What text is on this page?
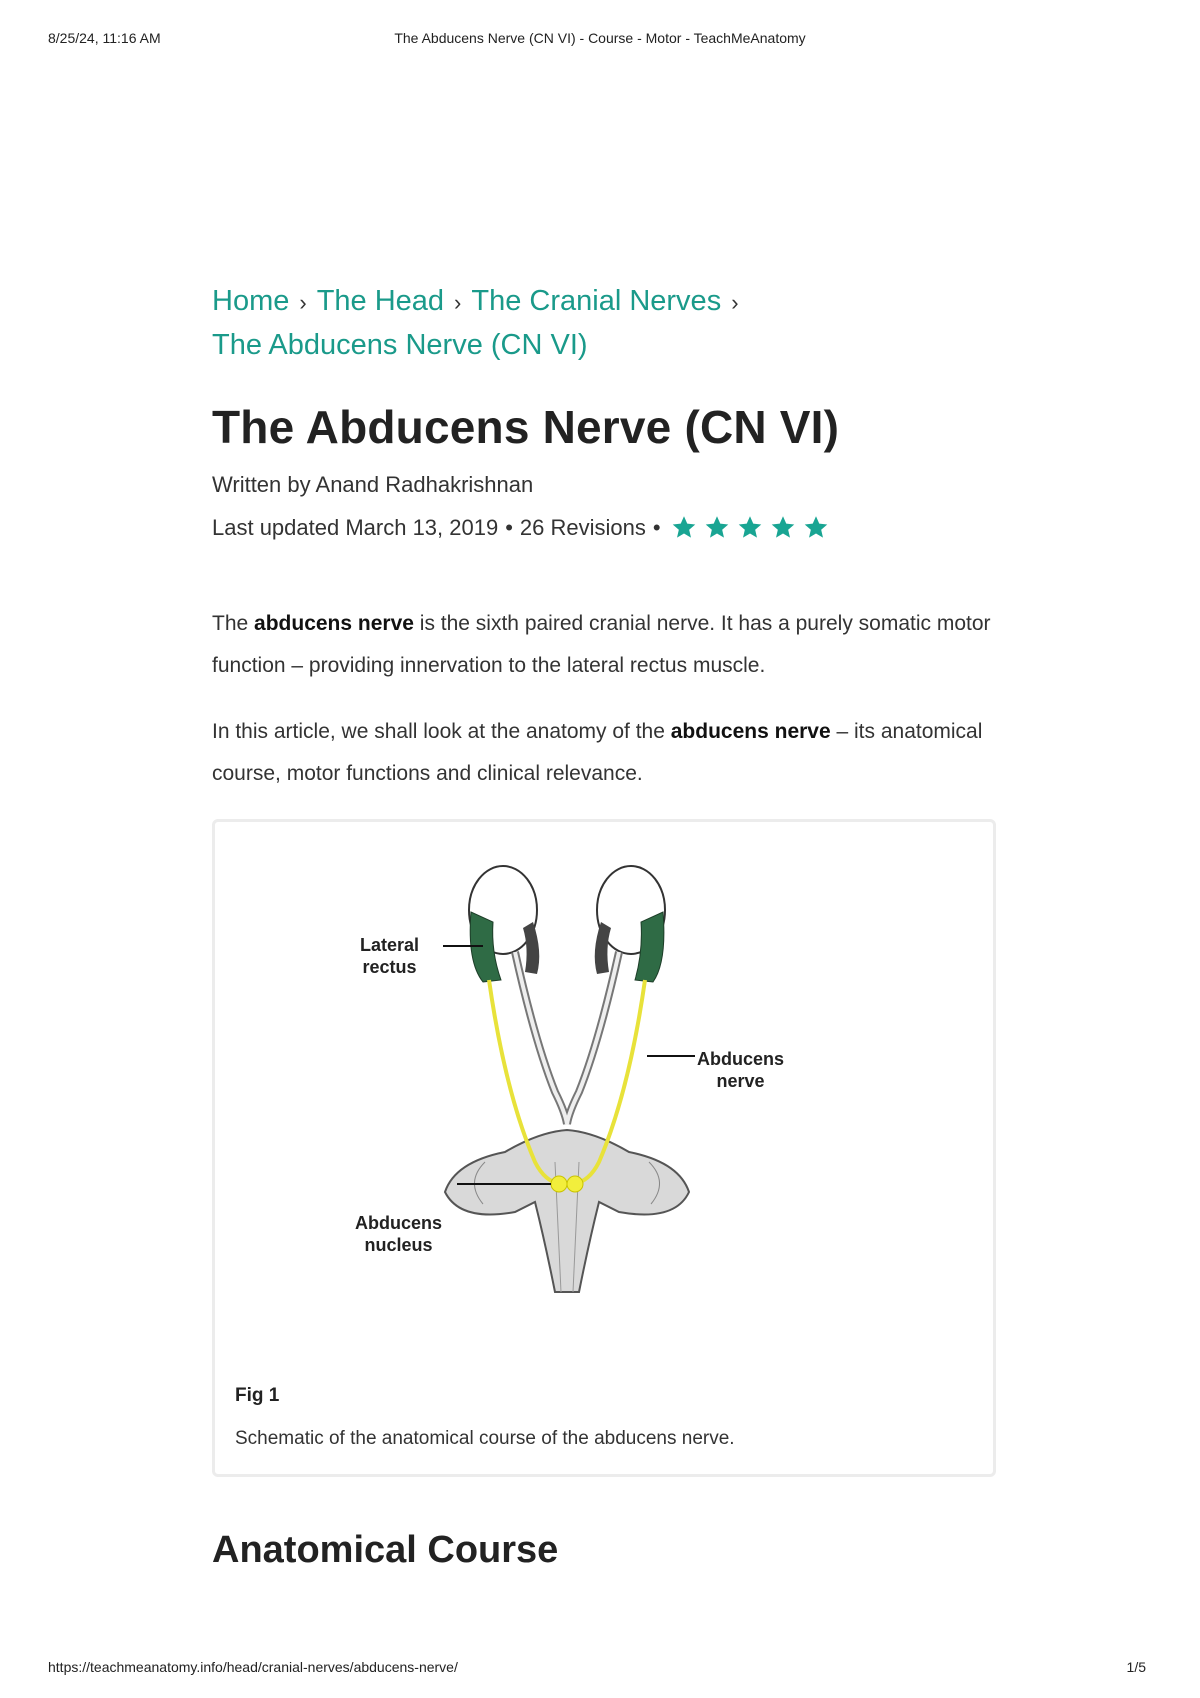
8/25/24, 11:16 AM	The Abducens Nerve (CN VI) - Course - Motor - TeachMeAnatomy
Home › The Head › The Cranial Nerves ›
The Abducens Nerve (CN VI)
The Abducens Nerve (CN VI)
Written by Anand Radhakrishnan
Last updated March 13, 2019 • 26 Revisions •

The abducens nerve is the sixth paired cranial nerve. It has a purely somatic motor function – providing innervation to the lateral rectus muscle.

In this article, we shall look at the anatomy of the abducens nerve – its anatomical course, motor functions and clinical relevance.

Lateral
rectus
Abducens
nerve
Abducens
nucleus
Fig 1
Schematic of the anatomical course of the abducens nerve.
Anatomical Course
https://teachmeanatomy.info/head/cranial-nerves/abducens-nerve/	1/5
